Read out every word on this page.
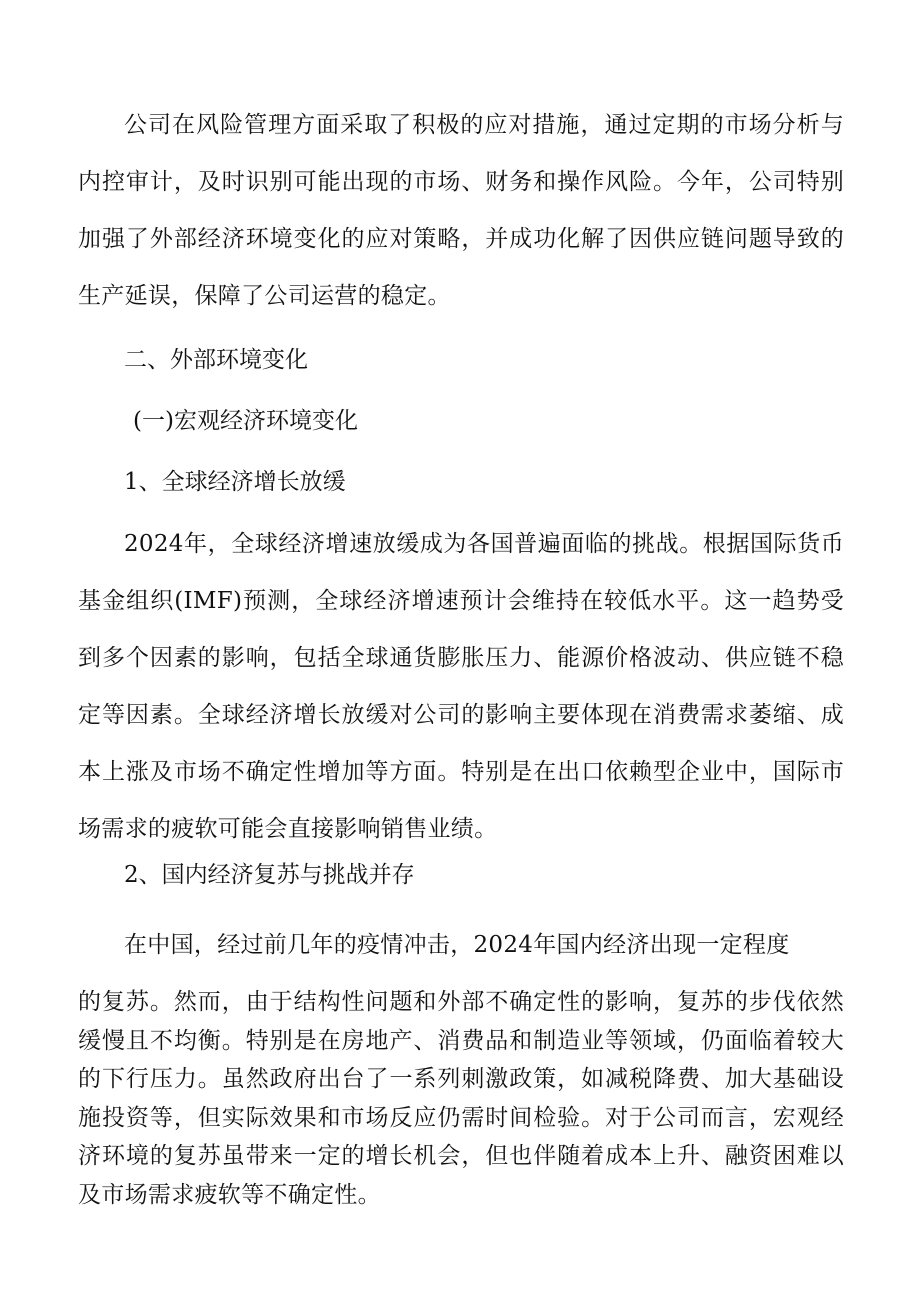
公司在风险管理方面采取了积极的应对措施，通过定期的市场分析与内控审计，及时识别可能出现的市场、财务和操作风险。今年，公司特别加强了外部经济环境变化的应对策略，并成功化解了因供应链问题导致的生产延误，保障了公司运营的稳定。

二、外部环境变化

(一)宏观经济环境变化

1、全球经济增长放缓

2024年，全球经济增速放缓成为各国普遍面临的挑战。根据国际货币基金组织(IMF)预测，全球经济增速预计会维持在较低水平。这一趋势受到多个因素的影响，包括全球通货膨胀压力、能源价格波动、供应链不稳定等因素。全球经济增长放缓对公司的影响主要体现在消费需求萎缩、成本上涨及市场不确定性增加等方面。特别是在出口依赖型企业中，国际市场需求的疲软可能会直接影响销售业绩。

2、国内经济复苏与挑战并存

在中国，经过前几年的疫情冲击，2024年国内经济出现一定程度

的复苏。然而，由于结构性问题和外部不确定性的影响，复苏的步伐依然缓慢且不均衡。特别是在房地产、消费品和制造业等领域，仍面临着较大的下行压力。虽然政府出台了一系列刺激政策，如减税降费、加大基础设施投资等，但实际效果和市场反应仍需时间检验。对于公司而言，宏观经济环境的复苏虽带来一定的增长机会，但也伴随着成本上升、融资困难以及市场需求疲软等不确定性。
